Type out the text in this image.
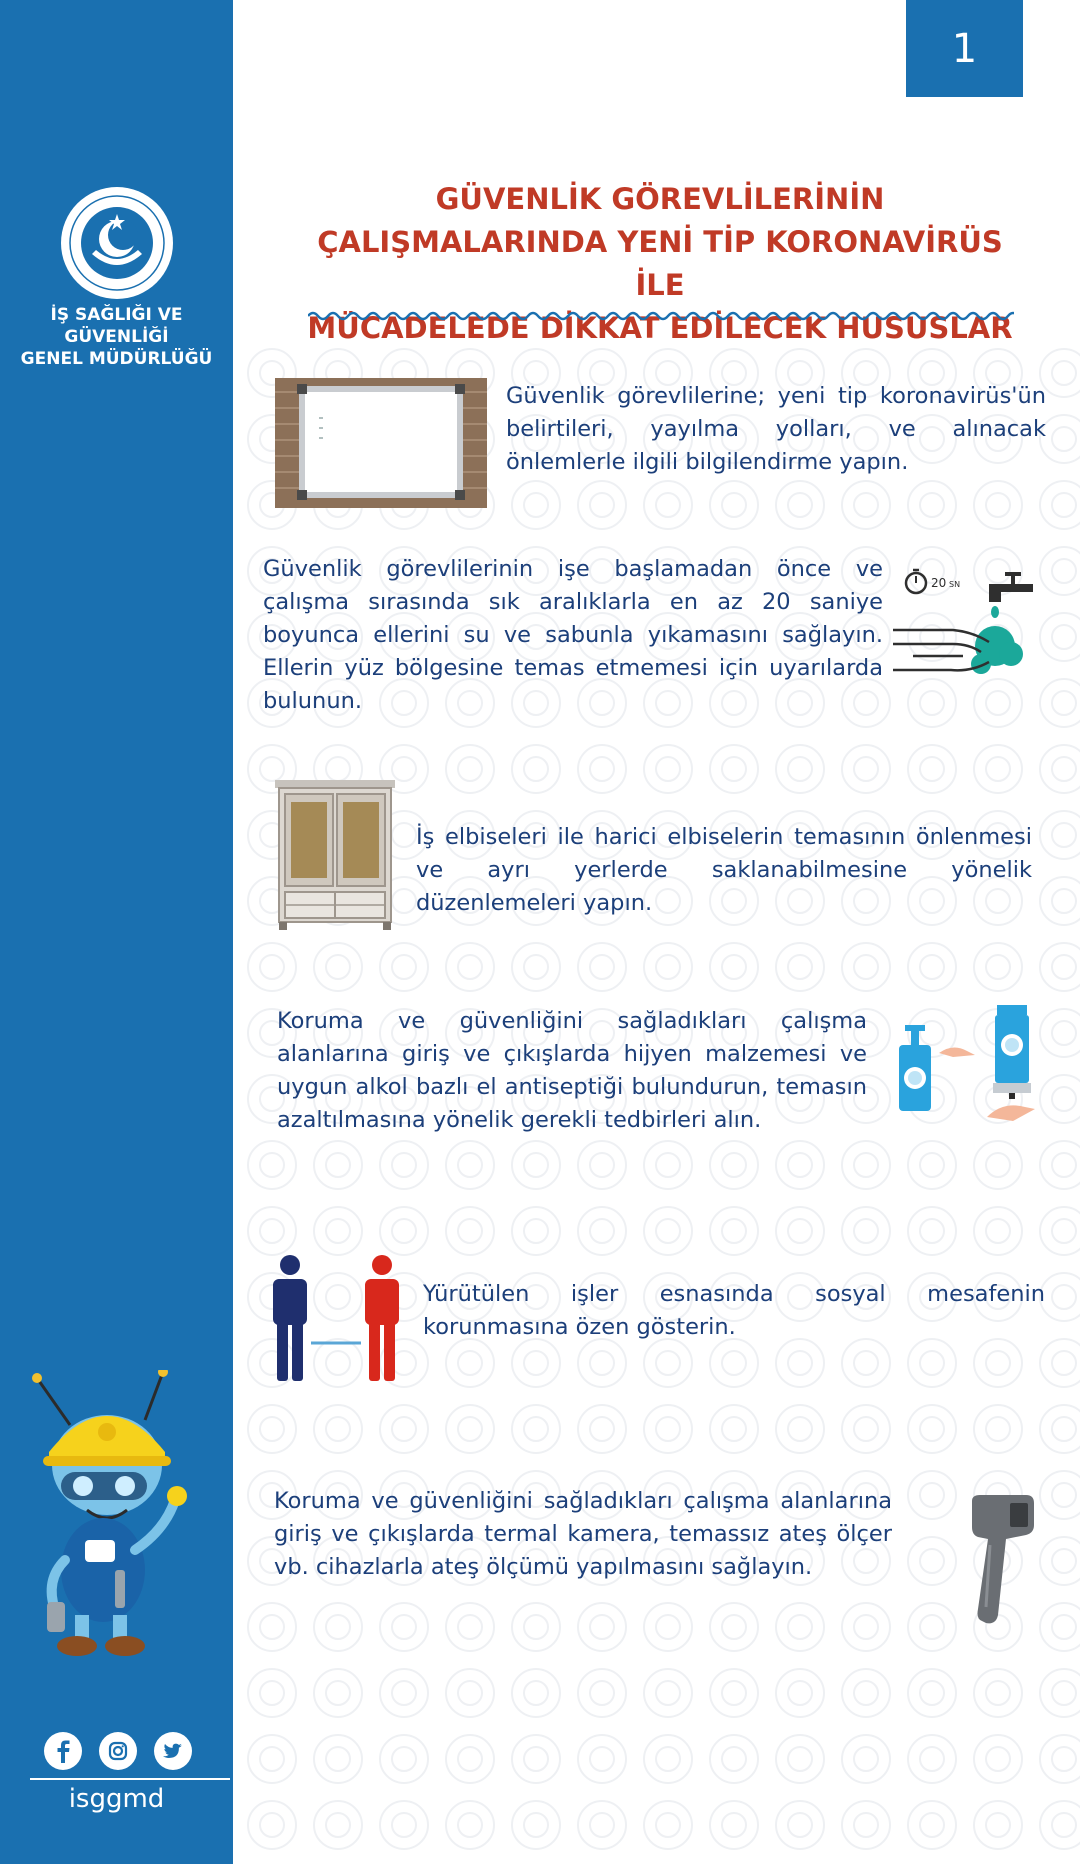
İŞ SAĞLIĞI VE GÜVENLİĞİ
GENEL MÜDÜRLÜĞÜ
isggmd
1
GÜVENLİK GÖREVLİLERİNİN
ÇALIŞMALARINDA YENİ TİP KORONAVİRÜS İLE
MÜCADELEDE DİKKAT EDİLECEK HUSUSLAR
Güvenlik görevlilerine; yeni tip koronavirüs'ün belirtileri, yayılma yolları, ve alınacak önlemlerle ilgili bilgilendirme yapın.
Güvenlik görevlilerinin işe başlamadan önce ve çalışma sırasında sık aralıklarla en az 20 saniye boyunca ellerini su ve sabunla yıkamasını sağlayın. Ellerin yüz bölgesine temas etmemesi için uyarılarda bulunun.
20 SN
İş elbiseleri ile harici elbiselerin temasının önlenmesi ve ayrı yerlerde saklanabilmesine yönelik düzenlemeleri yapın.
Koruma ve güvenliğini sağladıkları çalışma alanlarına giriş ve çıkışlarda hijyen malzemesi ve uygun alkol bazlı el antiseptiği bulundurun, temasın azaltılmasına yönelik gerekli tedbirleri alın.
Yürütülen işler esnasında sosyal mesafenin korunmasına özen gösterin.
Koruma ve güvenliğini sağladıkları çalışma alanlarına giriş ve çıkışlarda termal kamera, temassız ateş ölçer vb. cihazlarla ateş ölçümü yapılmasını sağlayın.
